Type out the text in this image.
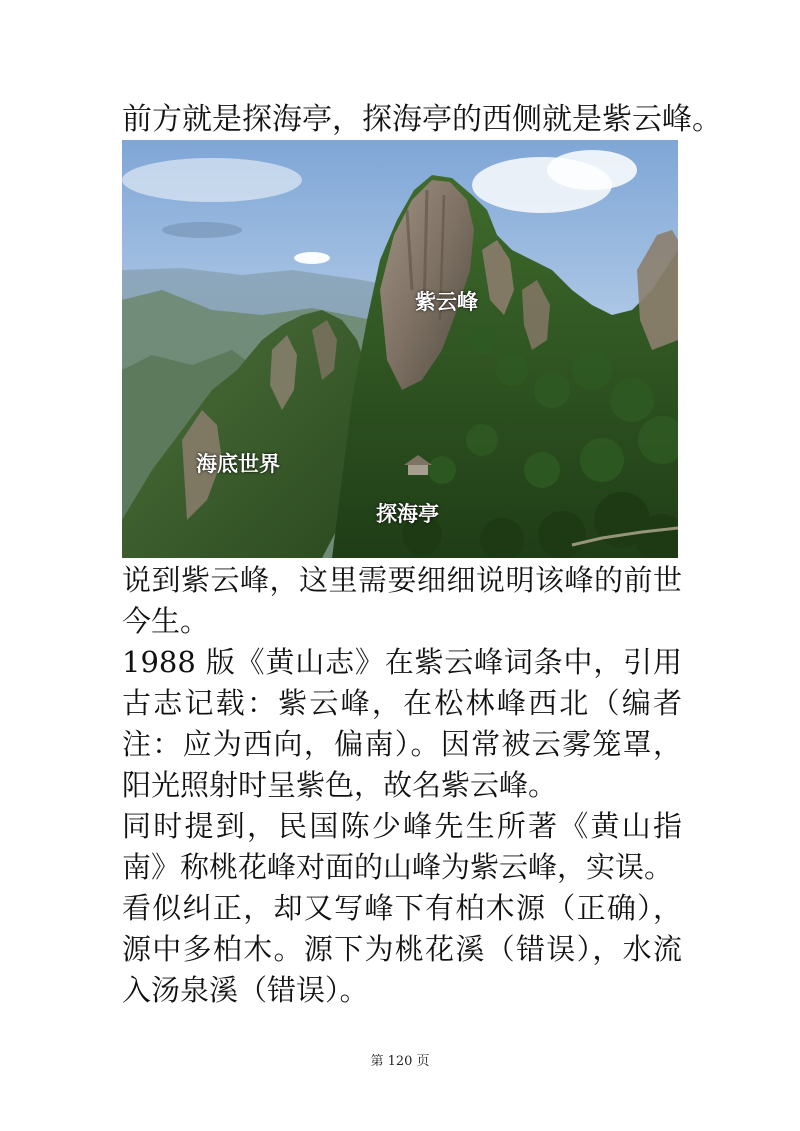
前方就是探海亭，探海亭的西侧就是紫云峰。
紫云峰
海底世界
探海亭

说到紫云峰，这里需要细细说明该峰的前世今生。

1988 版《黄山志》在紫云峰词条中，引用古志记载：紫云峰，在松林峰西北（编者注：应为西向，偏南）。因常被云雾笼罩，阳光照射时呈紫色，故名紫云峰。

同时提到，民国陈少峰先生所著《黄山指南》称桃花峰对面的山峰为紫云峰，实误。

看似纠正，却又写峰下有柏木源（正确），源中多柏木。源下为桃花溪（错误），水流入汤泉溪（错误）。

第 120 页
